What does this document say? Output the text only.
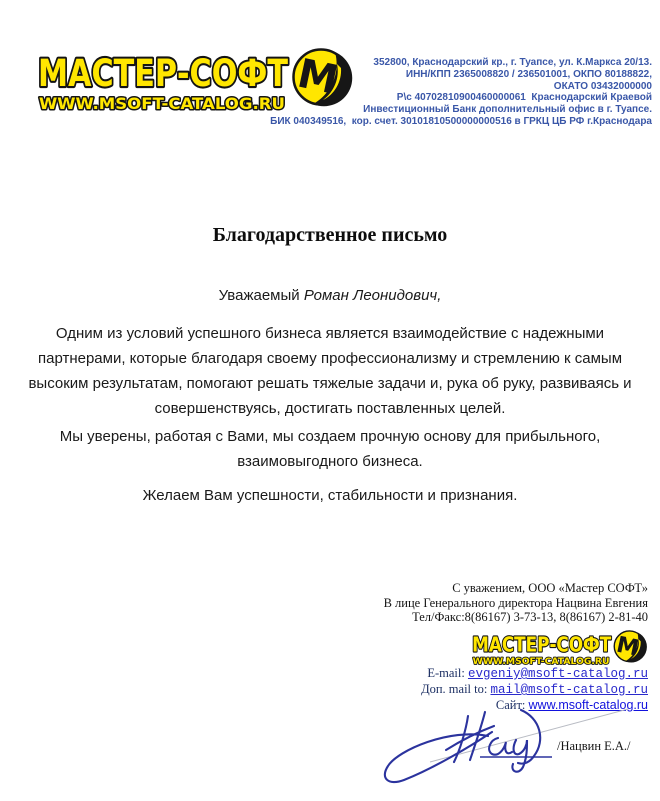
352800, Краснодарский кр., г. Туапсе, ул. К.Маркса 20/13.
ИНН/КПП 2365008820 / 236501001, ОКПО 80188822,
ОКАТО 03432000000
Р\с 40702810900460000061  Краснодарский Краевой
Инвестиционный Банк дополнительный офис в г. Туапсе.
БИК 040349516,  кор. счет. 30101810500000000516 в ГРКЦ ЦБ РФ г.Краснодара
Благодарственное письмо
Уважаемый Роман Леонидович,

Одним из условий успешного бизнеса является взаимодействие с надежными партнерами, которые благодаря своему профессионализму и стремлению к самым высоким результатам, помогают решать тяжелые задачи и, рука об руку, развиваясь и совершенствуясь, достигать поставленных целей.

Мы уверены, работая с Вами, мы создаем прочную основу для прибыльного, взаимовыгодного бизнеса.

Желаем Вам успешности, стабильности и признания.

С уважением, ООО «Мастер СОФТ»
В лице Генерального директора Нацвина Евгения
Тел/Факс:8(86167) 3-73-13, 8(86167) 2-81-40
E-mail: evgeniy@msoft-catalog.ru
Доп. mail to: mail@msoft-catalog.ru
Сайт: www.msoft-catalog.ru
/Нацвин Е.А./
